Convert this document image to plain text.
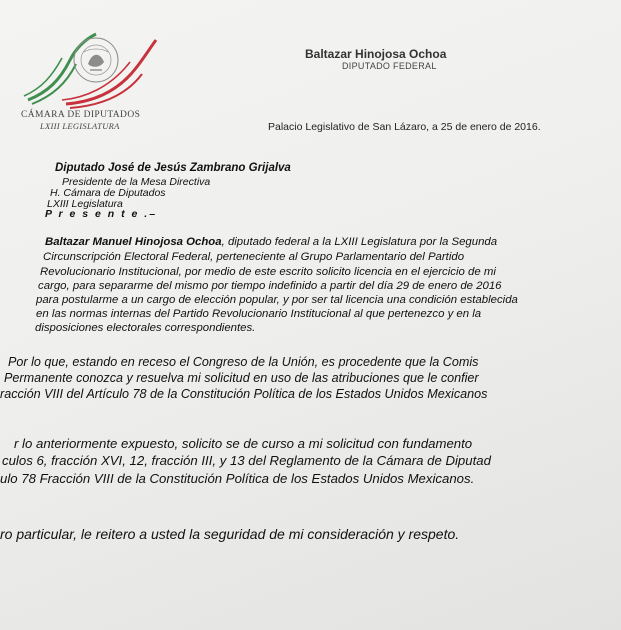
CÁMARA DE DIPUTADOS
LXIII LEGISLATURA
Baltazar Hinojosa Ochoa
DIPUTADO FEDERAL
Palacio Legislativo de San Lázaro, a 25 de enero de 2016.
Diputado José de Jesús Zambrano Grijalva
Presidente de la Mesa Directiva
H. Cámara de Diputados
LXIII Legislatura
P r e s e n t e .–
Baltazar Manuel Hinojosa Ochoa, diputado federal a la LXIII Legislatura por la Segunda
Circunscripción Electoral Federal, perteneciente al Grupo Parlamentario del Partido
Revolucionario Institucional, por medio de este escrito solicito licencia en el ejercicio de mi
cargo, para separarme del mismo por tiempo indefinido a partir del día 29 de enero de 2016
para postularme a un cargo de elección popular, y por ser tal licencia una condición establecida
en las normas internas del Partido Revolucionario Institucional al que pertenezco y en la
disposiciones electorales correspondientes.
Por lo que, estando en receso el Congreso de la Unión, es procedente que la Comis
Permanente conozca y resuelva mi solicitud en uso de las atribuciones que le confier
racción VIII del Artículo 78 de la Constitución Política de los Estados Unidos Mexicanos
r lo anteriormente expuesto, solicito se de curso a mi solicitud con fundamento
culos 6, fracción XVI, 12, fracción III, y 13 del Reglamento de la Cámara de Diputad
ulo 78 Fracción VIII de la Constitución Política de los Estados Unidos Mexicanos.
ro particular, le reitero a usted la seguridad de mi consideración y respeto.
